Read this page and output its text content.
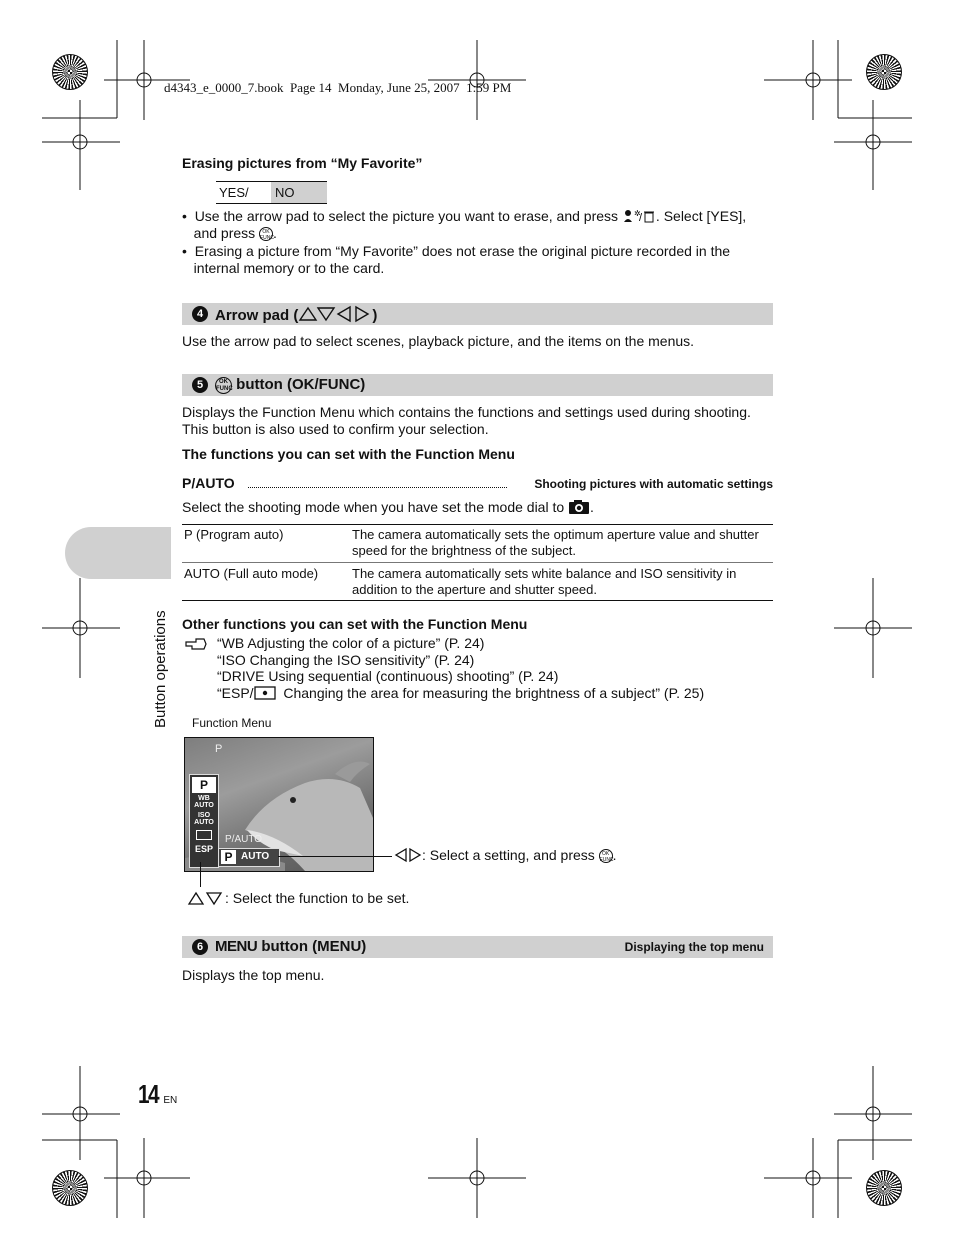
d4343_e_0000_7.book  Page 14  Monday, June 25, 2007  1:59 PM
Button operations
Erasing pictures from “My Favorite”
YES/ NO
•  Use the arrow pad to select the picture you want to erase, and press ✲
/ . Select [YES],
and press OK
FUNC.
•  Erasing a picture from “My Favorite” does not erase the original picture recorded in the
internal memory or to the card.
4 Arrow pad (	)
Use the arrow pad to select scenes, playback picture, and the items on the menus.
5	OK
FUNC button (OK/FUNC)
Displays the Function Menu which contains the functions and settings used during shooting.
This button is also used to confirm your selection.
The functions you can set with the Function Menu
P/AUTO	Shooting pictures with automatic settings
Select the shooting mode when you have set the mode dial to .
P (Program auto)	The camera automatically sets the optimum aperture value and shutter
speed for the brightness of the subject.
AUTO (Full auto mode)	The camera automatically sets white balance and ISO sensitivity in
addition to the aperture and shutter speed.
Other functions you can set with the Function Menu
“WB Adjusting the color of a picture” (P. 24)
“ISO Changing the ISO sensitivity” (P. 24)
“DRIVE Using sequential (continuous) shooting” (P. 24)
“ESP/ Changing the area for measuring the brightness of a subject” (P. 25)
Function Menu
P
P
WB AUTO
ISO AUTO
ESP
P/AUTO
P AUTO	: Select a setting, and press OK
FUNC.
: Select the function to be set.
6 MENU button (MENU)	Displaying the top menu
Displays the top menu.
14 EN
